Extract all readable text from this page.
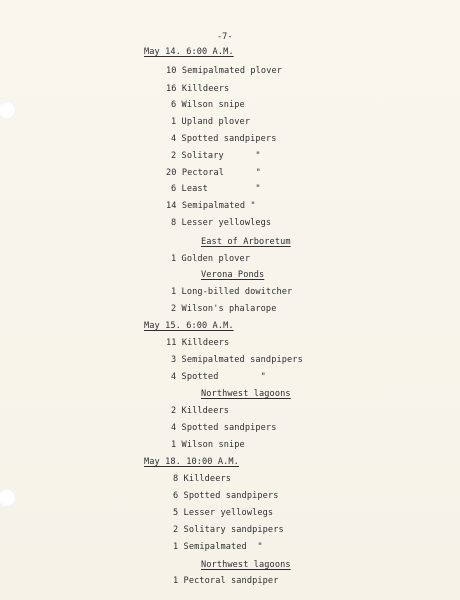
-7-
May 14. 6:00 A.M.
10 Semipalmated plover
16 Killdeers
6 Wilson snipe
1 Upland plover
4 Spotted sandpipers
2 Solitary      "
20 Pectoral      "
6 Least         "
14 Semipalmated "
8 Lesser yellowlegs
East of Arboretum
1 Golden plover
Verona Ponds
1 Long-billed dowitcher
2 Wilson's phalarope
May 15. 6:00 A.M.
11 Killdeers
3 Semipalmated sandpipers
4 Spotted        "
Northwest lagoons
2 Killdeers
4 Spotted sandpipers
1 Wilson snipe
May 18. 10:00 A.M.
8 Killdeers
6 Spotted sandpipers
5 Lesser yellowlegs
2 Solitary sandpipers
1 Semipalmated  "
Northwest lagoons
1 Pectoral sandpiper
